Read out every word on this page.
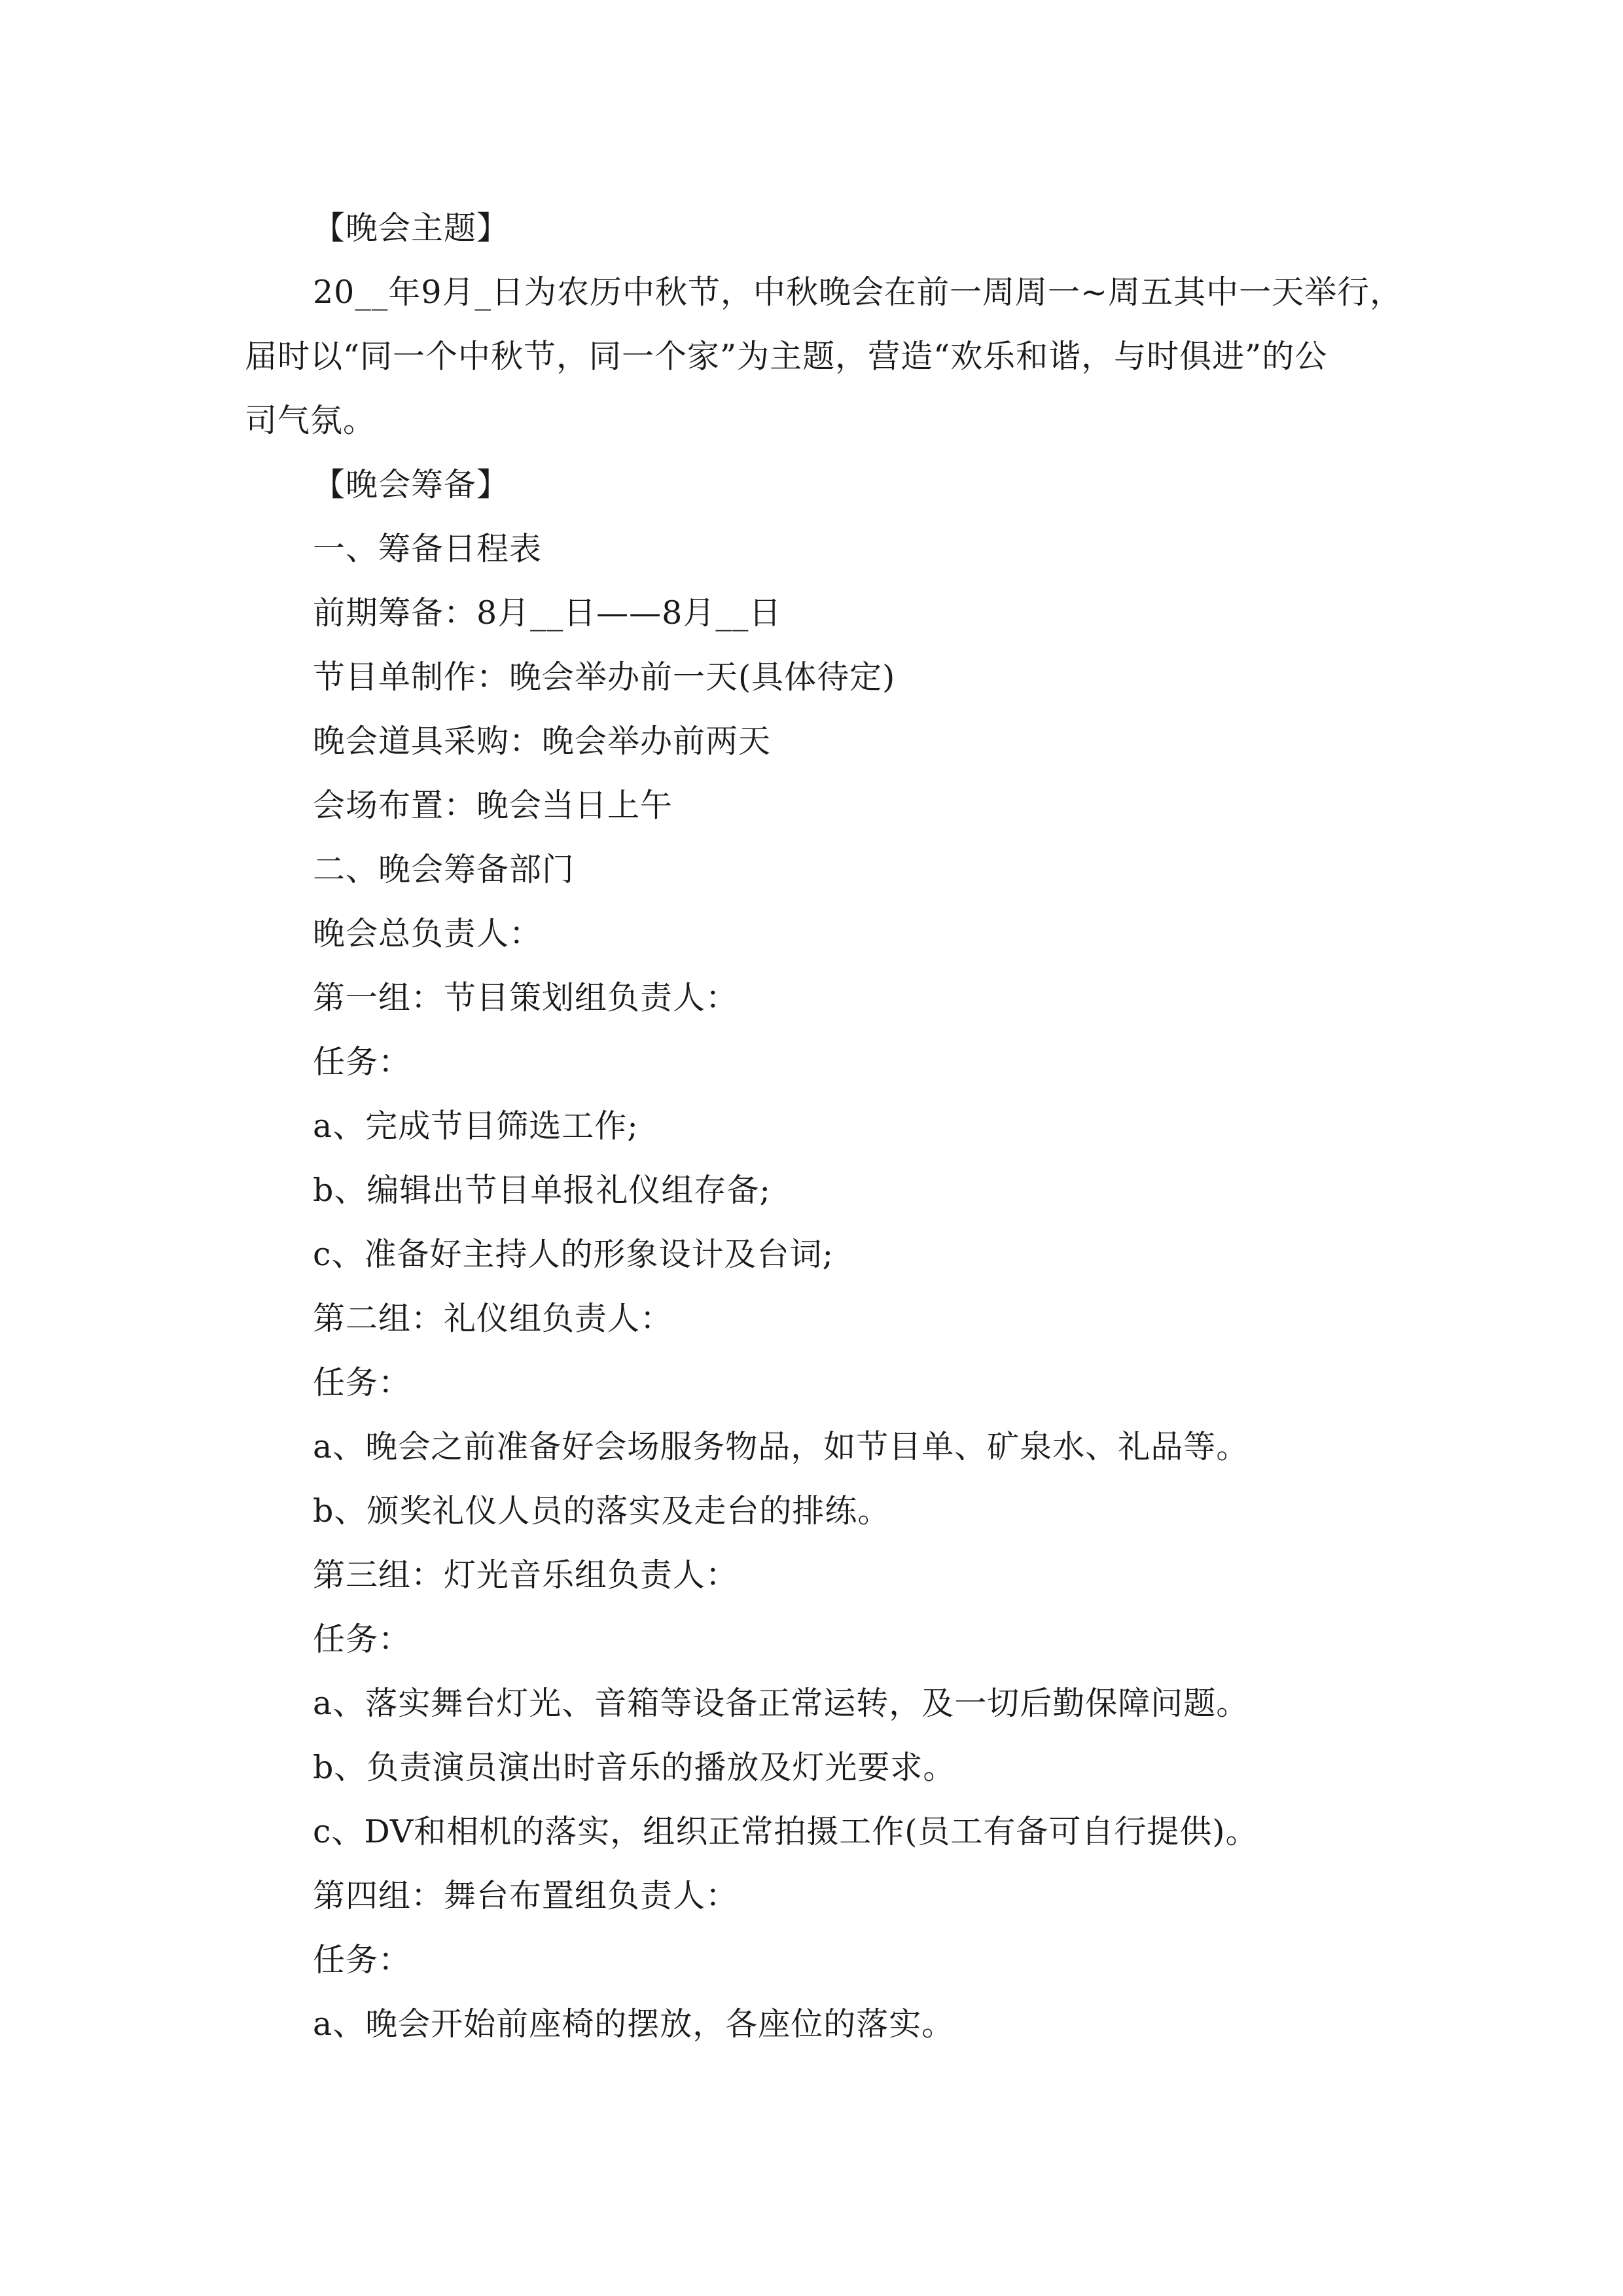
【晚会主题】

20__年9月_日为农历中秋节，中秋晚会在前一周周一~周五其中一天举行，

届时以“同一个中秋节，同一个家”为主题，营造“欢乐和谐，与时俱进”的公

司气氛。

【晚会筹备】

一、筹备日程表

前期筹备：8月__日——8月__日

节目单制作：晚会举办前一天(具体待定)

晚会道具采购：晚会举办前两天

会场布置：晚会当日上午

二、晚会筹备部门

晚会总负责人：

第一组：节目策划组负责人：

任务：

a、完成节目筛选工作;

b、编辑出节目单报礼仪组存备;

c、准备好主持人的形象设计及台词;

第二组：礼仪组负责人：

任务：

a、晚会之前准备好会场服务物品，如节目单、矿泉水、礼品等。

b、颁奖礼仪人员的落实及走台的排练。

第三组：灯光音乐组负责人：

任务：

a、落实舞台灯光、音箱等设备正常运转，及一切后勤保障问题。

b、负责演员演出时音乐的播放及灯光要求。

c、DV和相机的落实，组织正常拍摄工作(员工有备可自行提供)。

第四组：舞台布置组负责人：

任务：

a、晚会开始前座椅的摆放，各座位的落实。
